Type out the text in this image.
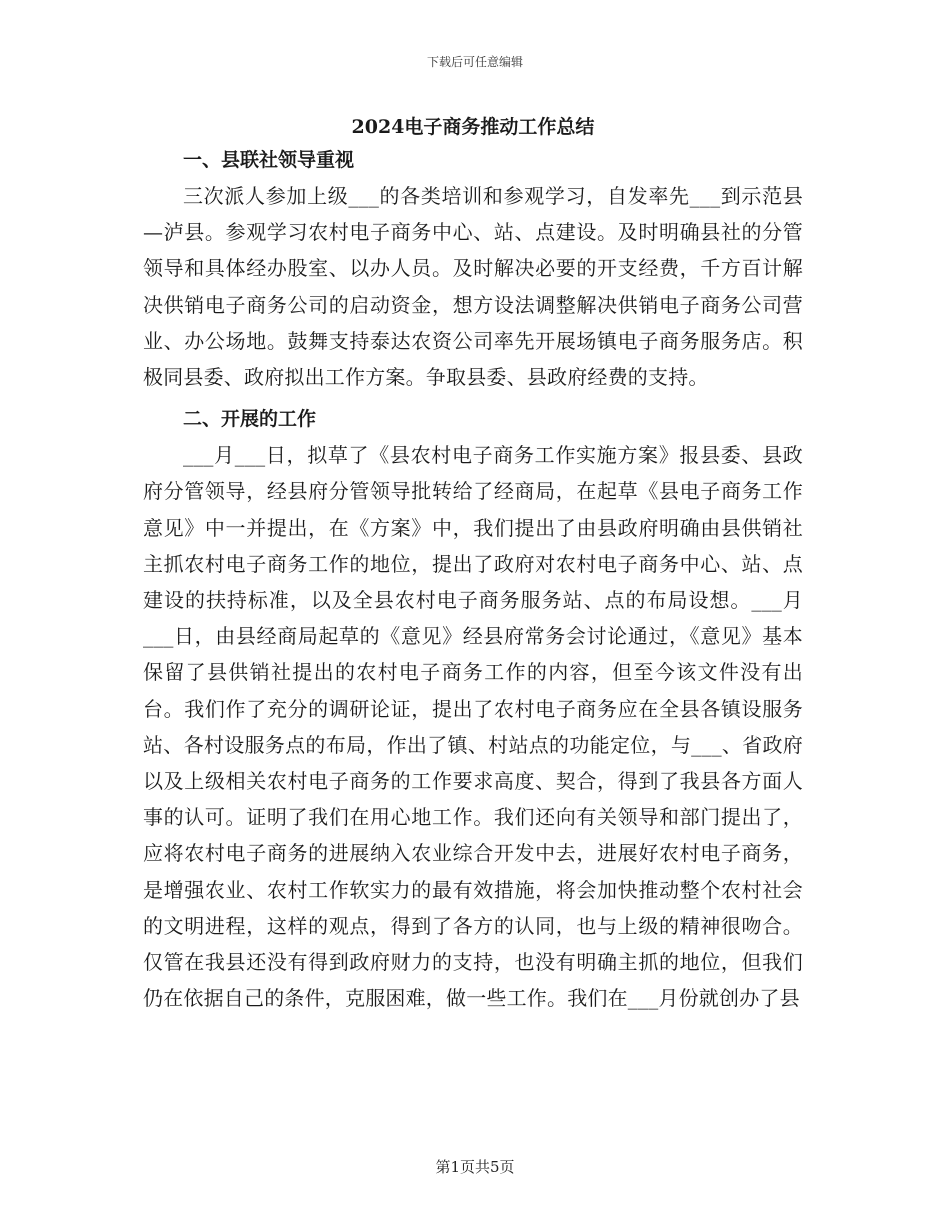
下载后可任意编辑
2024电子商务推动工作总结
一、县联社领导重视

三次派人参加上级___的各类培训和参观学习，自发率先___到示范县—泸县。参观学习农村电子商务中心、站、点建设。及时明确县社的分管领导和具体经办股室、以办人员。及时解决必要的开支经费，千方百计解决供销电子商务公司的启动资金，想方设法调整解决供销电子商务公司营业、办公场地。鼓舞支持泰达农资公司率先开展场镇电子商务服务店。积极同县委、政府拟出工作方案。争取县委、县政府经费的支持。

二、开展的工作

___月___日，拟草了《县农村电子商务工作实施方案》报县委、县政府分管领导，经县府分管领导批转给了经商局，在起草《县电子商务工作意见》中一并提出，在《方案》中，我们提出了由县政府明确由县供销社主抓农村电子商务工作的地位，提出了政府对农村电子商务中心、站、点建设的扶持标准，以及全县农村电子商务服务站、点的布局设想。___月___日，由县经商局起草的《意见》经县府常务会讨论通过，《意见》基本保留了县供销社提出的农村电子商务工作的内容，但至今该文件没有出台。我们作了充分的调研论证，提出了农村电子商务应在全县各镇设服务站、各村设服务点的布局，作出了镇、村站点的功能定位，与___、省政府以及上级相关农村电子商务的工作要求高度、契合，得到了我县各方面人事的认可。证明了我们在用心地工作。我们还向有关领导和部门提出了，应将农村电子商务的进展纳入农业综合开发中去，进展好农村电子商务，是增强农业、农村工作软实力的最有效措施，将会加快推动整个农村社会的文明进程，这样的观点，得到了各方的认同，也与上级的精神很吻合。仅管在我县还没有得到政府财力的支持，也没有明确主抓的地位，但我们仍在依据自己的条件，克服困难，做一些工作。我们在___月份就创办了县

第1页共5页
